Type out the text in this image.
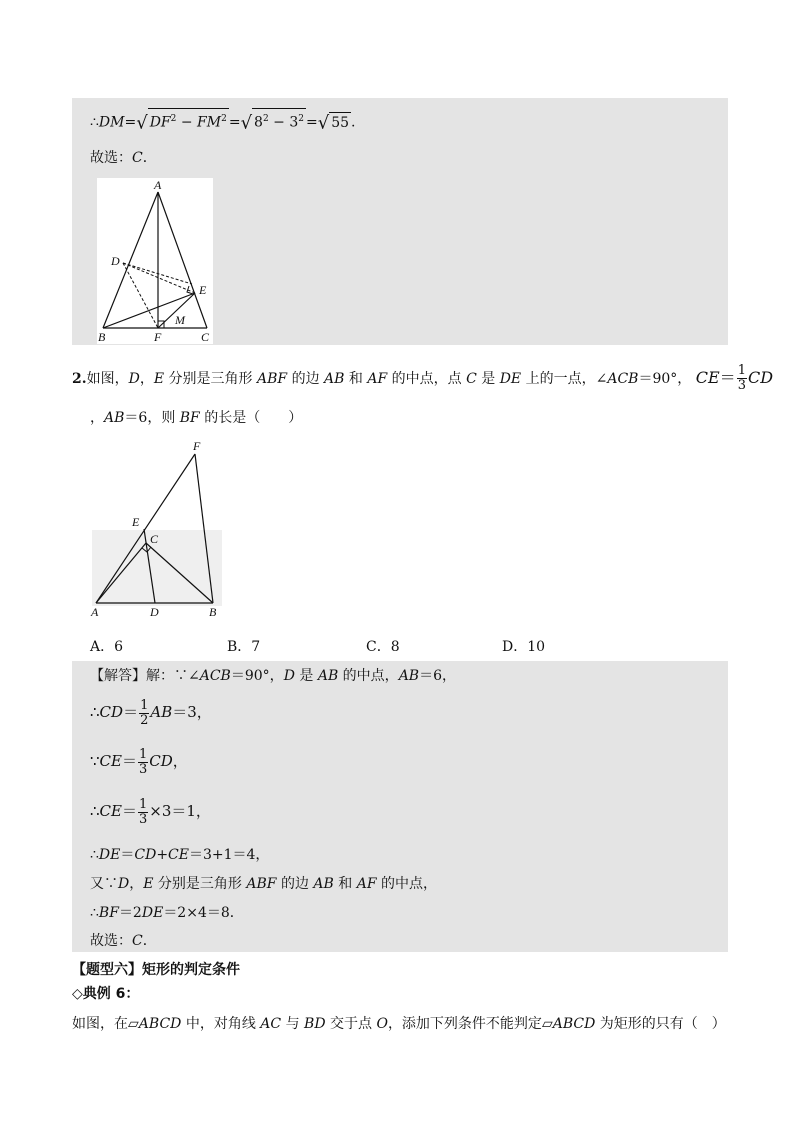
∴DM=√ $DF^2 - FM^2$ =√ $8^2 - 3^2$ =√ 55 .
故选：C．
A
D
E
M
B	F	C
2.如图，D，E 分别是三角形 ABF 的边 AB 和 AF 的中点，点 C 是 DE 上的一点，∠ACB＝90°， $CE= \frac{1}{3}$ CD
，AB＝6，则 BF 的长是（　　）
F
E
C
A	D	B
A．6	B．7	C．8	D．10
【解答】解：∵∠ACB＝90°，D 是 AB 的中点，AB＝6，
∴CD＝ $\frac{1}{2} AB=3$，
∵CE＝ $\frac{1}{3}$ CD，
∴CE＝ $\frac{1}{3} \times 3=1$，
∴DE＝CD+CE＝3+1＝4，
又∵D，E 分别是三角形 ABF 的边 AB 和 AF 的中点，
∴BF＝2DE＝2×4＝8．
故选：C．
【题型六】矩形的判定条件
◇典例 6：
如图，在▱ABCD 中，对角线 AC 与 BD 交于点 O，添加下列条件不能判定▱ABCD 为矩形的只有（　）
